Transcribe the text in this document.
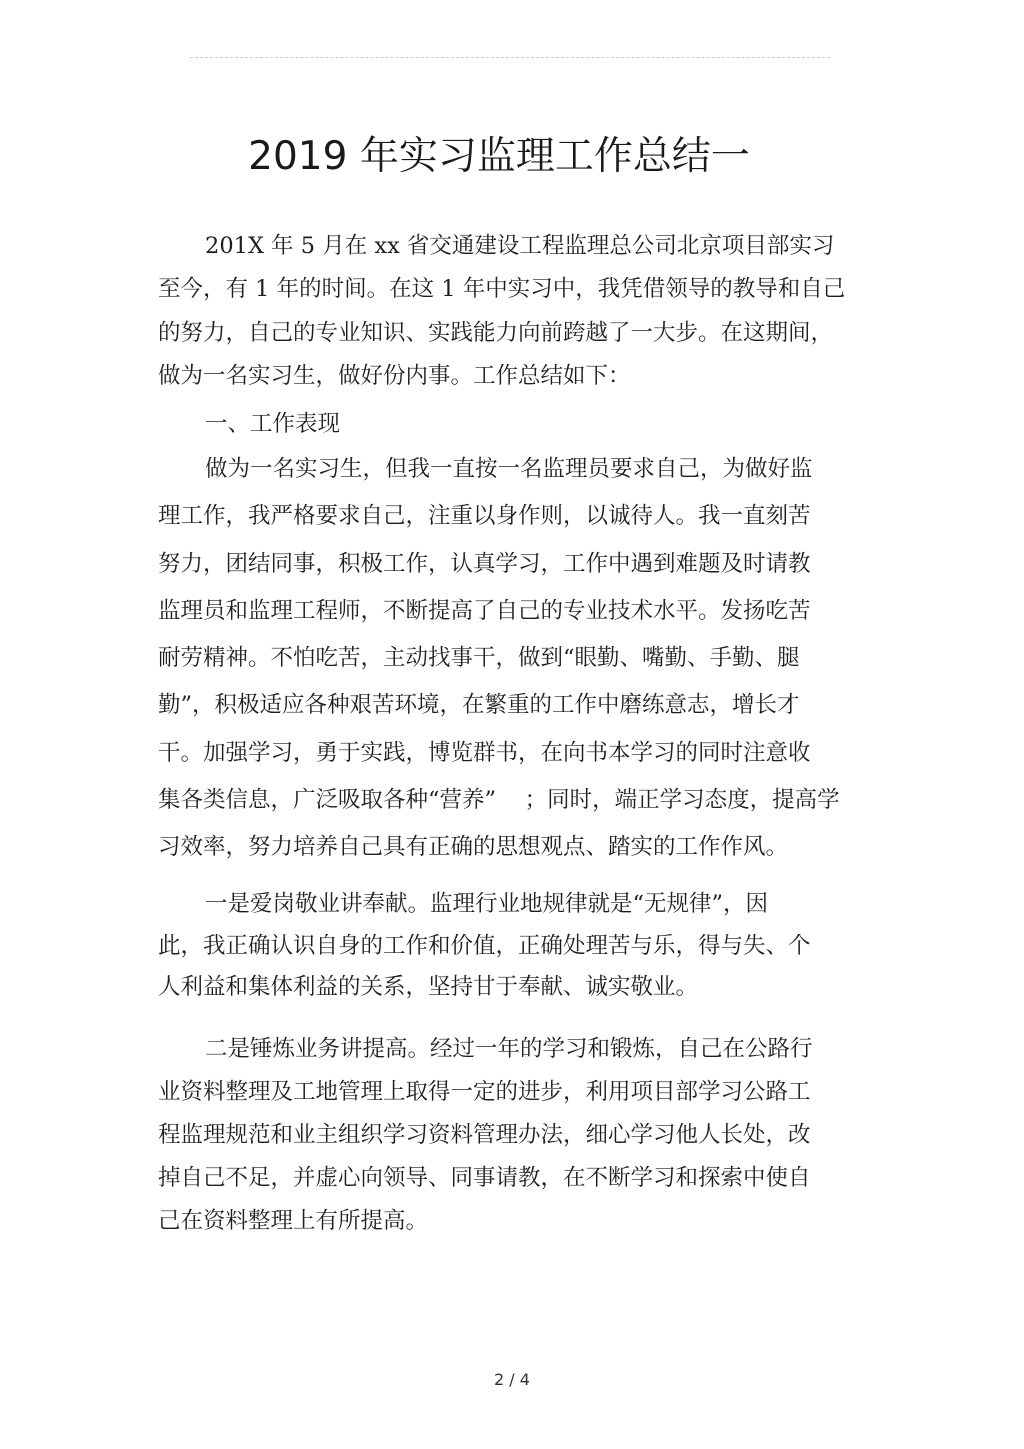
2019 年实习监理工作总结一
201X 年 5 月在 xx 省交通建设工程监理总公司北京项目部实习
至今，有 1 年的时间。在这 1 年中实习中，我凭借领导的教导和自己
的努力，自己的专业知识、实践能力向前跨越了一大步。在这期间，
做为一名实习生，做好份内事。工作总结如下：
一、工作表现
做为一名实习生，但我一直按一名监理员要求自己，为做好监
理工作，我严格要求自己，注重以身作则，以诚待人。我一直刻苦
努力，团结同事，积极工作，认真学习，工作中遇到难题及时请教
监理员和监理工程师，不断提高了自己的专业技术水平。发扬吃苦
耐劳精神。不怕吃苦，主动找事干，做到“眼勤、嘴勤、手勤、腿
勤”，积极适应各种艰苦环境，在繁重的工作中磨练意志，增长才
干。加强学习，勇于实践，博览群书，在向书本学习的同时注意收
集各类信息，广泛吸取各种“营养”    ；同时，端正学习态度，提高学
习效率，努力培养自己具有正确的思想观点、踏实的工作作风。
一是爱岗敬业讲奉献。监理行业地规律就是“无规律”，因
此，我正确认识自身的工作和价值，正确处理苦与乐，得与失、个
人利益和集体利益的关系，坚持甘于奉献、诚实敬业。
二是锤炼业务讲提高。经过一年的学习和锻炼，自己在公路行
业资料整理及工地管理上取得一定的进步，利用项目部学习公路工
程监理规范和业主组织学习资料管理办法，细心学习他人长处，改
掉自己不足，并虚心向领导、同事请教，在不断学习和探索中使自
己在资料整理上有所提高。
2 / 4
